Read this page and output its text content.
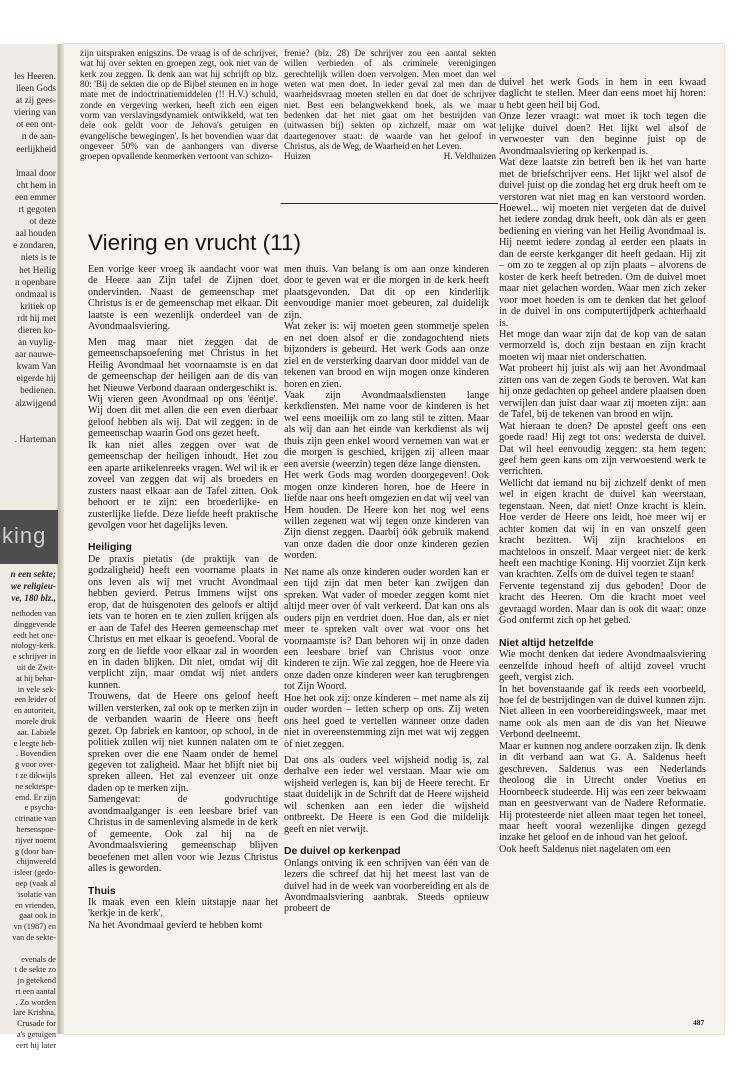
les Heeren.
lleen Gods
at zij gees-
viering van
ot een ont-
n de aan-
eerlijkheid
lmaal door
cht hem in
een emmer
rt gegoten
ot deze
aal houden
e zondaren,
niets is te
het Heilig
n openbare
ondmaal is
kritiek op
rdt hij met
dieren ko-
an vuylig-
aar nauwe-
kwam Van
eigerde hij
bedienen.
alzwijgend
. Harteman
king
n een sekte;
we religieu-
ve, 180 blz.,
nethoden van
dinggevende
eedt het one-
ntology-kerk.
e schrijver in
uit de Zwit-
at hij behar-
in vele sek-
een leider of
en autoriteit,
morele druk
aat. Labiele
e leegte heb-
. Bovendien
g voor over-
t ze dikwijls
ne sektespe-
emd. Er zijn
e psycha-
ctrinatie van
hersenspoe-
rijver noemt
g (door han-
chijnwereld
isleer (gedo-
oep (vaak al
isolatie van
en vrienden,
gaat ook in
vn (1987) en
van de sekte-
evenals de
t de sekte zo
jn getekend
rt een aantal
. Zo worden
lare Krishna,
Crusade for
a's getuigen
eert hij later

zijn uitspraken enigszins. De vraag is of de schrijver, wat hij over sekten en groepen zegt, ook niet van de kerk zou zeggen. Ik denk aan wat hij schrijft op blz. 80: 'Bij de sekten die op de Bijbel steunen en in hoge mate met de indoctrinatiemiddelen (!! H.V.) schuld, zonde en vergeving werken, heeft zich een eigen vorm van verslavingsdynamiek ontwikkeld, wat ten dele ook geldt voor de Jehova's getuigen en evangelische bewegingen'. Is het bovendien waar dat ongeveer 50% van de aanhangers van diverse groepen opvallende kenmerken vertoont van schizo-

frenie? (blz. 28) De schrijver zou een aantal sekten willen verbieden of als criminele verenigingen gerechtelijk willen doen vervolgen. Men moet dan wel weten wat men doet. In ieder geval zal men dan de waarheidsvraag moeten stellen en dat doet de schrijver niet. Best een belangwekkend boek, als we maar bedenken dat het niet gaat om het bestrijden van (uitwassen bij) sekten op zichzelf, maar om wat daartegenover staat: de waarde van het geloof in Christus, als de Weg, de Waarheid en het Leven.

Huizen	H. Veldhuizen
Viering en vrucht (11)

Een vorige keer vroeg ik aandacht voor wat de Heere aan Zijn tafel de Zijnen doet ondervinden. Naast de gemeenschap met Christus is er de gemeenschap met elkaar. Dit laatste is een wezenlijk onderdeel van de Avondmaalsviering.

Men mag maar niet zeggen dat de gemeenschapsoefening met Christus in het Heilig Avondmaal het voornaamste is en dat de gemeenschap der heiligen aan de dis van het Nieuwe Verbond daaraan ondergeschikt is.

Wij vieren geen Avondmaal op ons 'ééntje'. Wij doen dit met allen die een even dierbaar geloof hebben als wij. Dat wil zeggen: in de gemeenschap waarin God ons gezet heeft.

Ik kan niet alles zeggen over wat de gemeenschap der heiligen inhoudt. Het zou een aparte artikelenreeks vragen. Wel wil ik er zoveel van zeggen dat wij als broeders en zusters naast elkaar aan de Tafel zitten. Ook behoort er te zijn: een broederlijke- en zusterlijke liefde. Deze liefde heeft praktische gevolgen voor het dagelijks leven.

Heiliging

De praxis pietatis (de praktijk van de godzaligheid) heeft een voorname plaats in ons leven als wij met vrucht Avondmaal hebben gevierd. Petrus Immens wijst ons erop, dat de huisgenoten des geloofs er altijd iets van te horen en te zien zullen krijgen als er aan de Tafel des Heeren gemeenschap met Christus en met elkaar is geoefend. Vooral de zorg en de liefde voor elkaar zal in woorden en in daden blijken. Dit niet, omdat wij dit verplicht zijn, maar omdat wij niet anders kunnen.

Trouwens, dat de Heere ons geloof heeft willen versterken, zal ook op te merken zijn in de verbanden waarin de Heere ons heeft gezet. Op fabriek en kantoor, op school, in de politiek zullen wij niet kunnen nalaten om te spreken over die ene Naam onder de hemel gegeven tot zaligheid. Maar het blijft niet bij spreken alleen. Het zal evenzeer uit onze daden op te merken zijn.

Samengevat: de godvruchtige avondmaalganger is een leesbare brief van Christus in de samenleving alsmede in de kerk of gemeente. Ook zal hij na de Avondmaalsviering gemeenschap blijven beoefenen met allen voor wie Jezus Christus alles is geworden.

Thuis

Ik maak even een klein uitstapje naar het 'kerkje in de kerk'.

Na het Avondmaal gevierd te hebben komt

men thuis. Van belang is om aan onze kinderen door te geven wat er die morgen in de kerk heeft plaatsgevonden. Dat dit op een kinderlijk eenvoudige manier moet gebeuren, zal duidelijk zijn.

Wat zeker is: wij moeten geen stommetje spelen en net doen alsof er die zondagochtend niets bijzonders is gebeurd. Het werk Gods aan onze ziel en de versterking daarvan door middel van de tekenen van brood en wijn mogen onze kinderen horen en zien.

Vaak zijn Avondmaalsdiensten lange kerkdiensten. Met name voor de kinderen is het wel eens moeilijk om zo lang stil te zitten. Maar als wij dan aan het einde van kerkdienst als wij thuis zijn geen enkel woord vernemen van wat er die morgen is geschied, krijgen zij alleen maar een aversie (weerzin) tegen déze lange diensten.

Het werk Gods mag worden doorgegeven! Ook mogen onze kinderen horen, hoe de Heere in liefde naar ons heeft omgezien en dat wij veel van Hem houden. De Heere kon het nog wel eens willen zegenen wat wij tegen onze kinderen van Zijn dienst zeggen. Daarbij óók gebruik makend van onze daden die door onze kinderen gezien worden.

Net name als onze kinderen ouder worden kan er een tijd zijn dat men beter kan zwijgen dan spreken. Wat vader of moeder zeggen komt niet altijd meer over òf valt verkeerd. Dat kan ons als ouders pijn en verdriet doen. Hoe dan, als er niet meer te spreken valt over wat voor ons het voornaamste is? Dan behoren wij in onze daden een leesbare brief van Christus voor onze kinderen te zijn. Wie zal zeggen, hoe de Heere via onze daden onze kinderen weer kan terugbrengen tot Zijn Woord.

Hoe het ook zij: onze kinderen – met name als zij ouder worden – letten scherp op ons. Zij weten ons heel goed te vertellen wanneer onze daden niet in overeenstemming zijn met wat wij zeggen òf niet zeggen.

Dat ons als ouders veel wijsheid nodig is, zal derhalve een ieder wel verstaan. Maar wie om wijsheid verlegen is, kan bij de Heere terecht. Er staat duidelijk in de Schrift dat de Heere wijsheid wil schenken aan een ieder die wijsheid ontbreekt. De Heere is een God die mildelijk geeft en niet verwijt.

De duivel op kerkenpad

Onlangs ontving ik een schrijven van één van de lezers die schreef dat hij het meest last van de duivel had in de week van voorbereiding en als de Avondmaalsviering aanbrak. Steeds opnieuw probeert de

duivel het werk Gods in hem in een kwaad daglicht te stellen. Meer dan eens moet hij horen: u hebt geen heil bij God.

Onze lezer vraagt: wat moet ik toch tegen die lelijke duivel doen? Het lijkt wel alsof de verwoester van den beginne juist op de Avondmaalsviering op kerkenpad is.

Wat deze laatste zin betreft ben ik het van harte met de briefschrijver eens. Het lijkt wel alsof de duivel juist op die zondag het erg druk heeft om te verstoren wat niet mag en kan verstoord worden. Hoewel... wij moeten niet vergeten dat de duivel het iedere zondag druk heeft, ook dàn als er geen bediening en viering van het Heilig Avondmaal is. Hij neemt iedere zondag al eerder een plaats in dan de eerste kerkganger dit heeft gedaan. Hij zit – om zo te zeggen al op zijn plaats – alvorens de koster de kerk heeft betreden. Om de duivel moet maar niet gelachen worden. Waar men zich zeker voor moet hoeden is om te denken dat het geloof in de duivel in ons computertijdperk achterhaald is.

Het moge dan waar zijn dat de kop van de satan vermorzeld is, doch zijn bestaan en zijn kracht moeten wij maar niet onderschatten.

Wat probeert hij juist als wij aan het Avondmaal zitten ons van de zegen Gods te beroven. Wat kan hij onze gedachten op geheel andere plaatsen doen verwijlen dan juist daar waar zij moeten zijn: aan de Tafel, bij de tekenen van brood en wijn.

Wat hieraan te doen? De apostel geeft ons een goede raad! Hij zegt tot ons: wedersta de duivel. Dat wil heel eenvoudig zeggen: sta hem tegen: geef hem geen kans om zijn verwoestend werk te verrichten.

Wellicht dat iemand nu bij zichzelf denkt of men wel in eigen kracht de duivel kan weerstaan, tegenstaan. Neen, dat niet! Onze kracht is klein. Hoe verder de Heere ons leidt, hoe meer wij er achter komen dat wij in en van onszelf geen kracht bezitten. Wij zijn krachteloos en machteloos in onszelf. Maar vergeet niet: de kerk heeft een machtige Koning. Hij voorziet Zijn kerk van krachten. Zelfs om de duivel tegen te staan!

Fervente tegenstand zij dus geboden! Door de kracht des Heeren. Om die kracht moet veel gevraagd worden. Maar dan is ook dit waar: onze God ontfermt zich op het gebed.

Niet altijd hetzelfde

Wie mocht denken dat iedere Avondmaalsviering eenzelfde inhoud heeft of altijd zoveel vrucht geeft, vergist zich.

In het bovenstaande gaf ik reeds een voorbeeld, hoe fel de bestrijdingen van de duivel kunnen zijn. Niet alleen in een voorbereidingsweek, maar met name ook als men aan de dis van het Nieuwe Verbond deelneemt.

Maar er kunnen nog andere oorzaken zijn. Ik denk in dit verband aan wat G. A. Saldenus heeft geschreven. Saldenus was een Nederlands theoloog die in Utrecht onder Voetius en Hoornbeeck studeerde. Hij was een zeer bekwaam man en geestverwant van de Nadere Reformatie. Hij protesteerde niet alleen maar tegen het toneel, maar heeft vooral wezenlijke dingen gezegd inzake het geloof en de inhoud van het geloof.

Ook heeft Saldenus niet nagelaten om een

487
